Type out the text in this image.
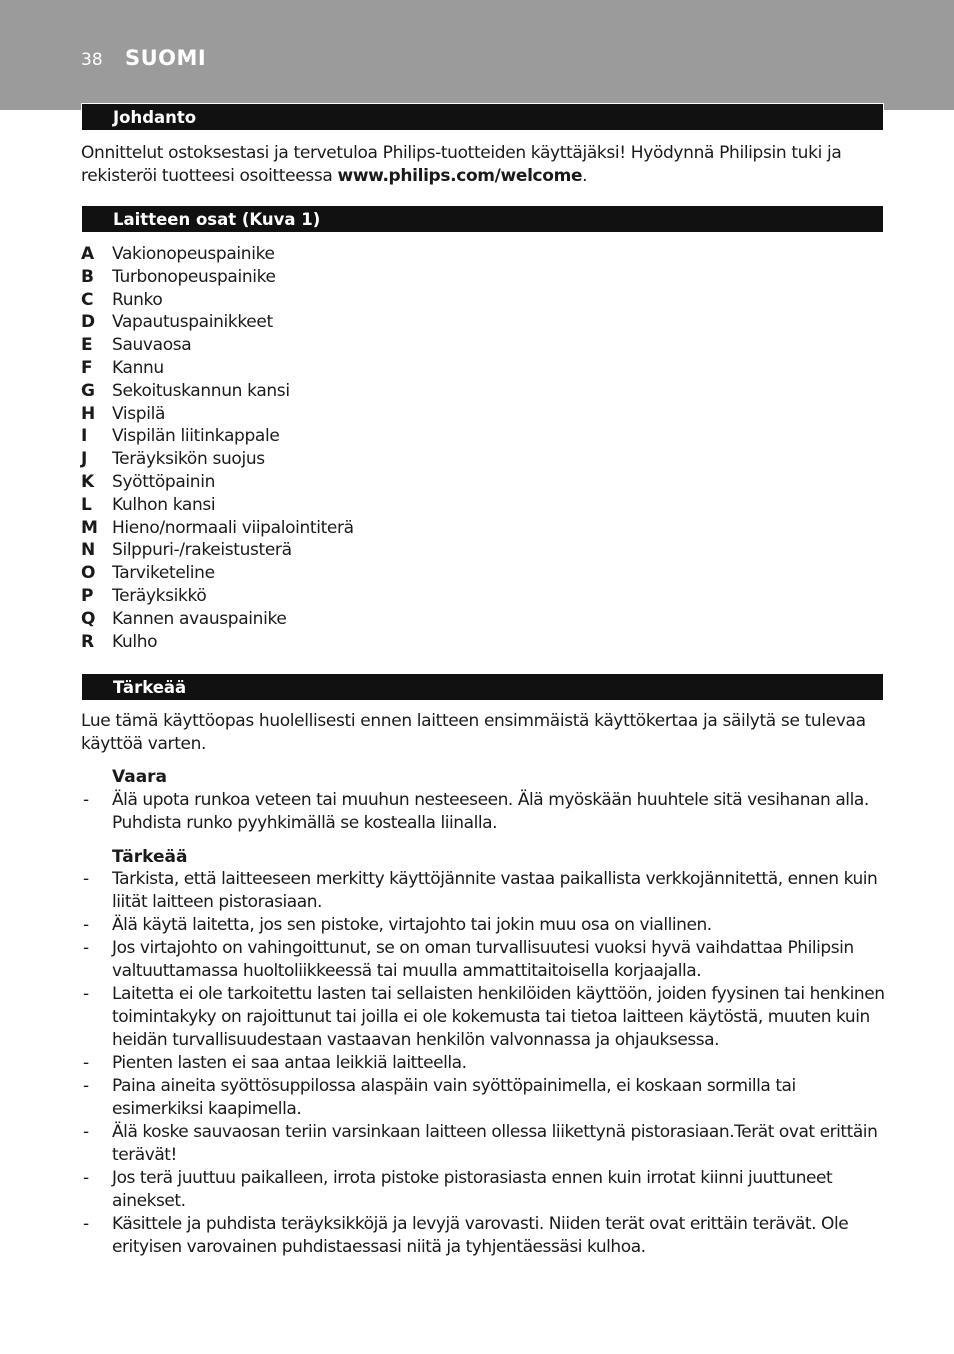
38 SUOMI
Johdanto
Onnittelut ostoksestasi ja tervetuloa Philips-tuotteiden käyttäjäksi! Hyödynnä Philipsin tuki ja rekisteröi tuotteesi osoitteessa www.philips.com/welcome.
Laitteen osat (Kuva 1)
A	Vakionopeuspainike
B	Turbonopeuspainike
C	Runko
D	Vapautuspainikkeet
E	Sauvaosa
F	Kannu
G	Sekoituskannun kansi
H	Vispilä
I	Vispilän liitinkappale
J	Teräyksikön suojus
K	Syöttöpainin
L	Kulhon kansi
M Hieno/normaali viipalointiterä
N	Silppuri-/rakeistusterä
O Tarviketeline
P	Teräyksikkö
Q Kannen avauspainike
R	Kulho
Tärkeää
Lue tämä käyttöopas huolellisesti ennen laitteen ensimmäistä käyttökertaa ja säilytä se tulevaa käyttöä varten.
Vaara
- Älä upota runkoa veteen tai muuhun nesteeseen. Älä myöskään huuhtele sitä vesihanan alla. Puhdista runko pyyhkimällä se kostealla liinalla.
Tärkeää
- Tarkista, että laitteeseen merkitty käyttöjännite vastaa paikallista verkkojännitettä, ennen kuin liität laitteen pistorasiaan.
- Älä käytä laitetta, jos sen pistoke, virtajohto tai jokin muu osa on viallinen.
- Jos virtajohto on vahingoittunut, se on oman turvallisuutesi vuoksi hyvä vaihdattaa Philipsin valtuuttamassa huoltoliikkeessä tai muulla ammattitaitoisella korjaajalla.
- Laitetta ei ole tarkoitettu lasten tai sellaisten henkilöiden käyttöön, joiden fyysinen tai henkinen toimintakyky on rajoittunut tai joilla ei ole kokemusta tai tietoa laitteen käytöstä, muuten kuin heidän turvallisuudestaan vastaavan henkilön valvonnassa ja ohjauksessa.
- Pienten lasten ei saa antaa leikkiä laitteella.
- Paina aineita syöttösuppilossa alaspäin vain syöttöpainimella, ei koskaan sormilla tai esimerkiksi kaapimella.
- Älä koske sauvaosan teriin varsinkaan laitteen ollessa liikettynä pistorasiaan.Terät ovat erittäin terävät!
- Jos terä juuttuu paikalleen, irrota pistoke pistorasiasta ennen kuin irrotat kiinni juuttuneet ainekset.
- Käsittele ja puhdista teräyksikköjä ja levyjä varovasti. Niiden terät ovat erittäin terävät. Ole erityisen varovainen puhdistaessasi niitä ja tyhjentäessäsi kulhoa.
